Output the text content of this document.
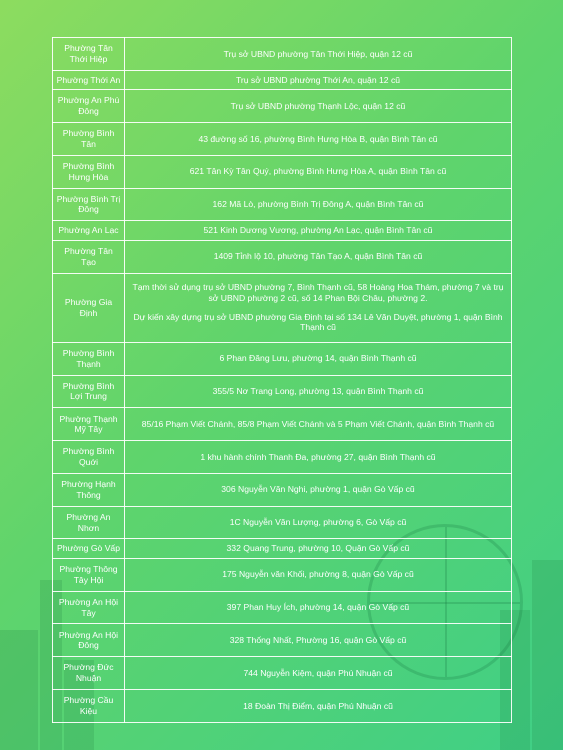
Phường Tân Thới Hiệp	Trụ sở UBND phường Tân Thới Hiệp, quận 12 cũ

Phường Thới An	Trụ sở UBND phường Thới An, quận 12 cũ

Phường An Phú Đông	Trụ sở UBND phường Thạnh Lộc, quận 12 cũ

Phường Bình Tân	43 đường số 16, phường Bình Hưng Hòa B, quận Bình Tân cũ

Phường Bình Hưng Hòa	621 Tân Kỳ Tân Quý, phường Bình Hưng Hòa A, quận Bình Tân cũ

Phường Bình Trị Đông	162 Mã Lò, phường Bình Trị Đông A, quận Bình Tân cũ

Phường An Lạc	521 Kinh Dương Vương, phường An Lạc, quận Bình Tân cũ

Phường Tân Tạo	1409 Tỉnh lộ 10, phường Tân Tạo A, quận Bình Tân cũ

Phường Gia Định	Tạm thời sử dụng trụ sở UBND phường 7, Bình Thạnh cũ, 58 Hoàng Hoa Thám, phường 7 và trụ sở UBND phường 2 cũ, số 14 Phan Bội Châu, phường 2.

Dự kiến xây dựng trụ sở UBND phường Gia Định tại số 134 Lê Văn Duyệt, phường 1, quận Bình Thạnh cũ

Phường Bình Thạnh	6 Phan Đăng Lưu, phường 14, quận Bình Thạnh cũ

Phường Bình Lợi Trung	355/5 Nơ Trang Long, phường 13, quận Bình Thạnh cũ

Phường Thạnh Mỹ Tây	85/16 Phạm Viết Chánh, 85/8 Phạm Viết Chánh và 5 Phạm Viết Chánh, quận Bình Thạnh cũ

Phường Bình Quới	1 khu hành chính Thanh Đa, phường 27, quận Bình Thạnh cũ

Phường Hạnh Thông	306 Nguyễn Văn Nghi, phường 1, quận Gò Vấp cũ

Phường An Nhơn	1C Nguyễn Văn Lượng, phường 6, Gò Vấp cũ

Phường Gò Vấp	332 Quang Trung, phường 10, Quận Gò Vấp cũ

Phường Thông Tây Hội	175 Nguyễn văn Khối, phường 8, quận Gò Vấp cũ

Phường An Hội Tây	397 Phan Huy Ích, phường 14, quận Gò Vấp cũ

Phường An Hội Đông	328 Thống Nhất, Phường 16, quận Gò Vấp cũ

Phường Đức Nhuận	744 Nguyễn Kiệm, quận Phú Nhuận cũ

Phường Cầu Kiệu	18 Đoàn Thị Điểm, quận Phú Nhuận cũ
